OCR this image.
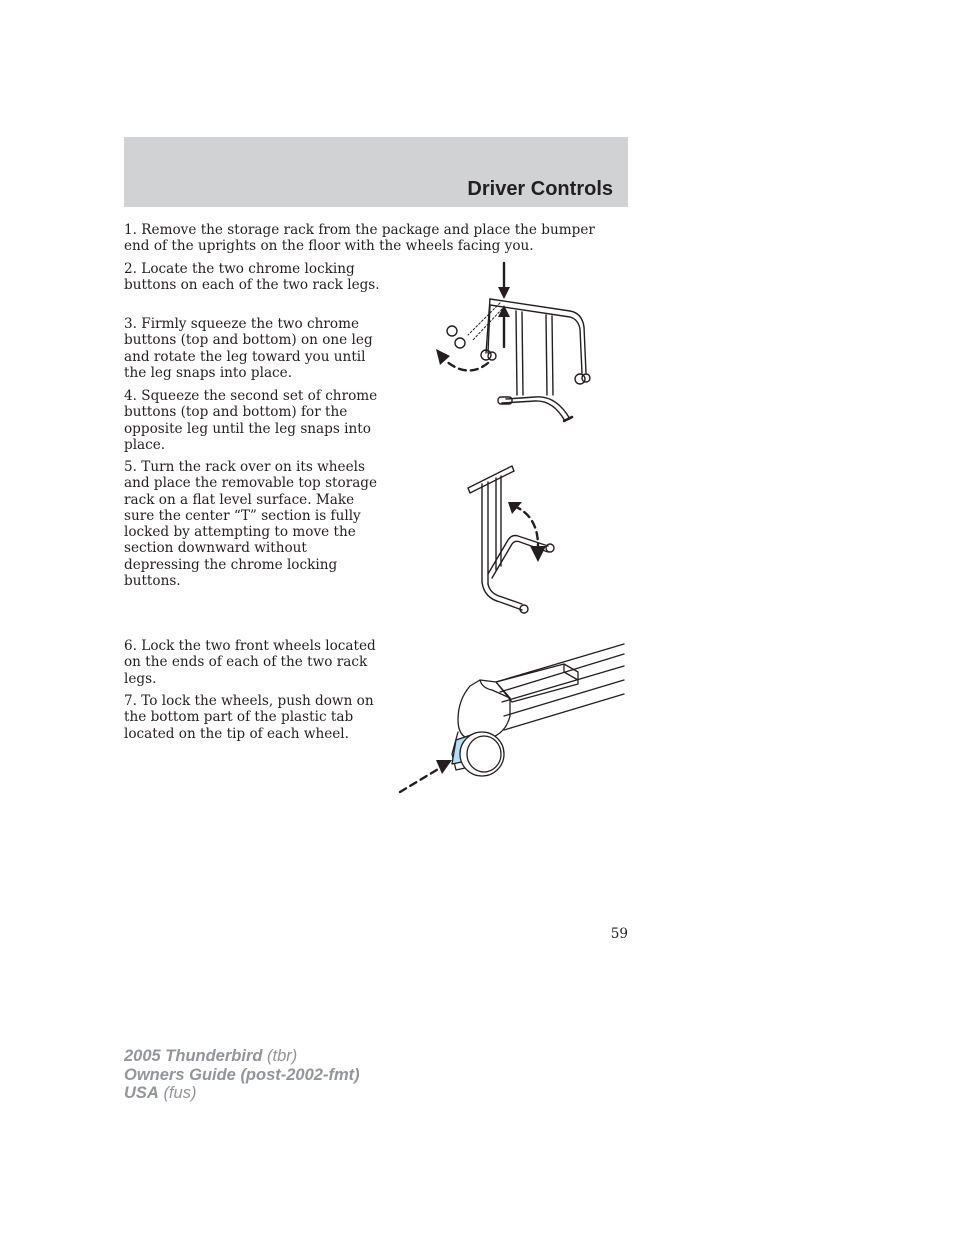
Driver Controls

1. Remove the storage rack from the package and place the bumper end of the uprights on the floor with the wheels facing you.

2. Locate the two chrome locking buttons on each of the two rack legs.

3. Firmly squeeze the two chrome buttons (top and bottom) on one leg and rotate the leg toward you until the leg snaps into place.

4. Squeeze the second set of chrome buttons (top and bottom) for the opposite leg until the leg snaps into place.

5. Turn the rack over on its wheels and place the removable top storage rack on a flat level surface. Make sure the center “T” section is fully locked by attempting to move the section downward without depressing the chrome locking buttons.

6. Lock the two front wheels located on the ends of each of the two rack legs.

7. To lock the wheels, push down on the bottom part of the plastic tab located on the tip of each wheel.

59
2005 Thunderbird (tbr)
Owners Guide (post-2002-fmt)
USA (fus)
